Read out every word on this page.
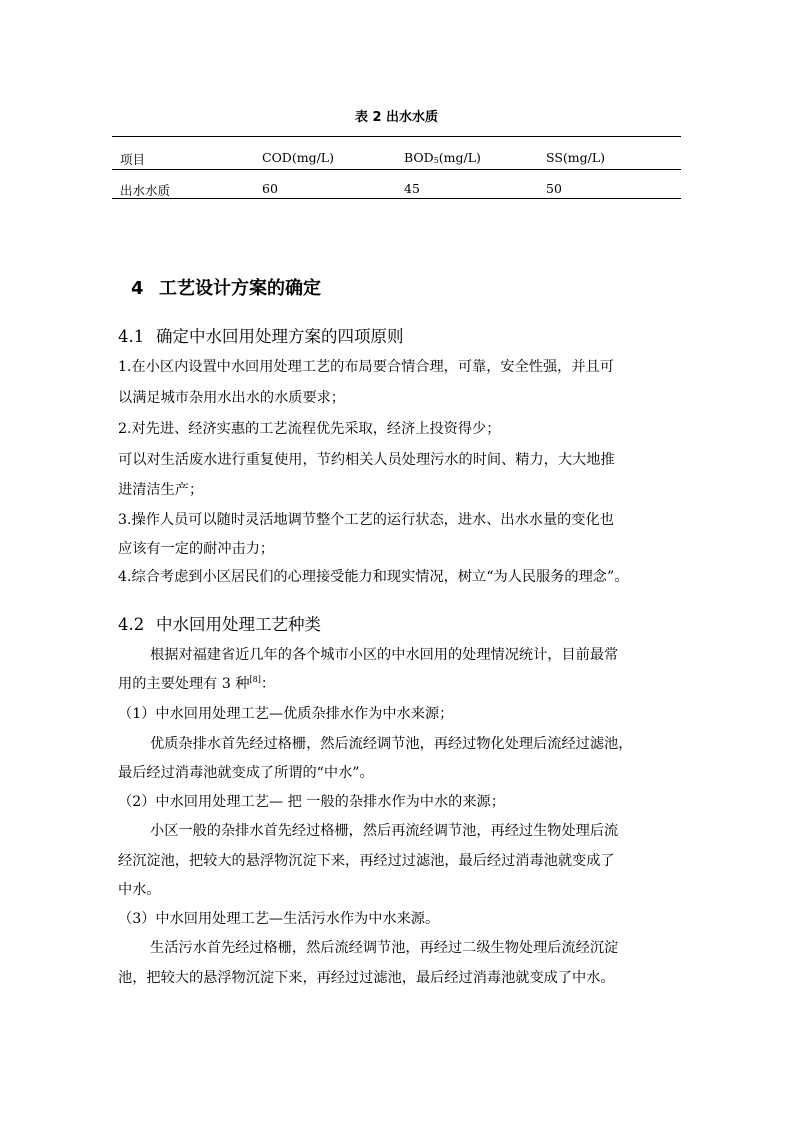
表 2 出水水质
项目	COD(mg/L)	$BOD_5(mg/L)$	SS(mg/L)
出水水质	60	45	50
4 工艺设计方案的确定
4.1 确定中水回用处理方案的四项原则
1.在小区内设置中水回用处理工艺的布局要合情合理，可靠，安全性强，并且可
以满足城市杂用水出水的水质要求；
2.对先进、经济实惠的工艺流程优先采取，经济上投资得少；
可以对生活废水进行重复使用，节约相关人员处理污水的时间、精力，大大地推
进清洁生产；
3.操作人员可以随时灵活地调节整个工艺的运行状态，进水、出水水量的变化也
应该有一定的耐冲击力；
4.综合考虑到小区居民们的心理接受能力和现实情况，树立“为人民服务的理念”。
4.2 中水回用处理工艺种类
根据对福建省近几年的各个城市小区的中水回用的处理情况统计，目前最常
用的主要处理有 3 种[8]：
（1）中水回用处理工艺—优质杂排水作为中水来源；
优质杂排水首先经过格栅，然后流经调节池，再经过物化处理后流经过滤池，
最后经过消毒池就变成了所谓的“中水”。
（2）中水回用处理工艺— 把 一般的杂排水作为中水的来源；
小区一般的杂排水首先经过格栅，然后再流经调节池，再经过生物处理后流
经沉淀池，把较大的悬浮物沉淀下来，再经过过滤池，最后经过消毒池就变成了
中水。
（3）中水回用处理工艺—生活污水作为中水来源。
生活污水首先经过格栅，然后流经调节池，再经过二级生物处理后流经沉淀
池，把较大的悬浮物沉淀下来，再经过过滤池，最后经过消毒池就变成了中水。
